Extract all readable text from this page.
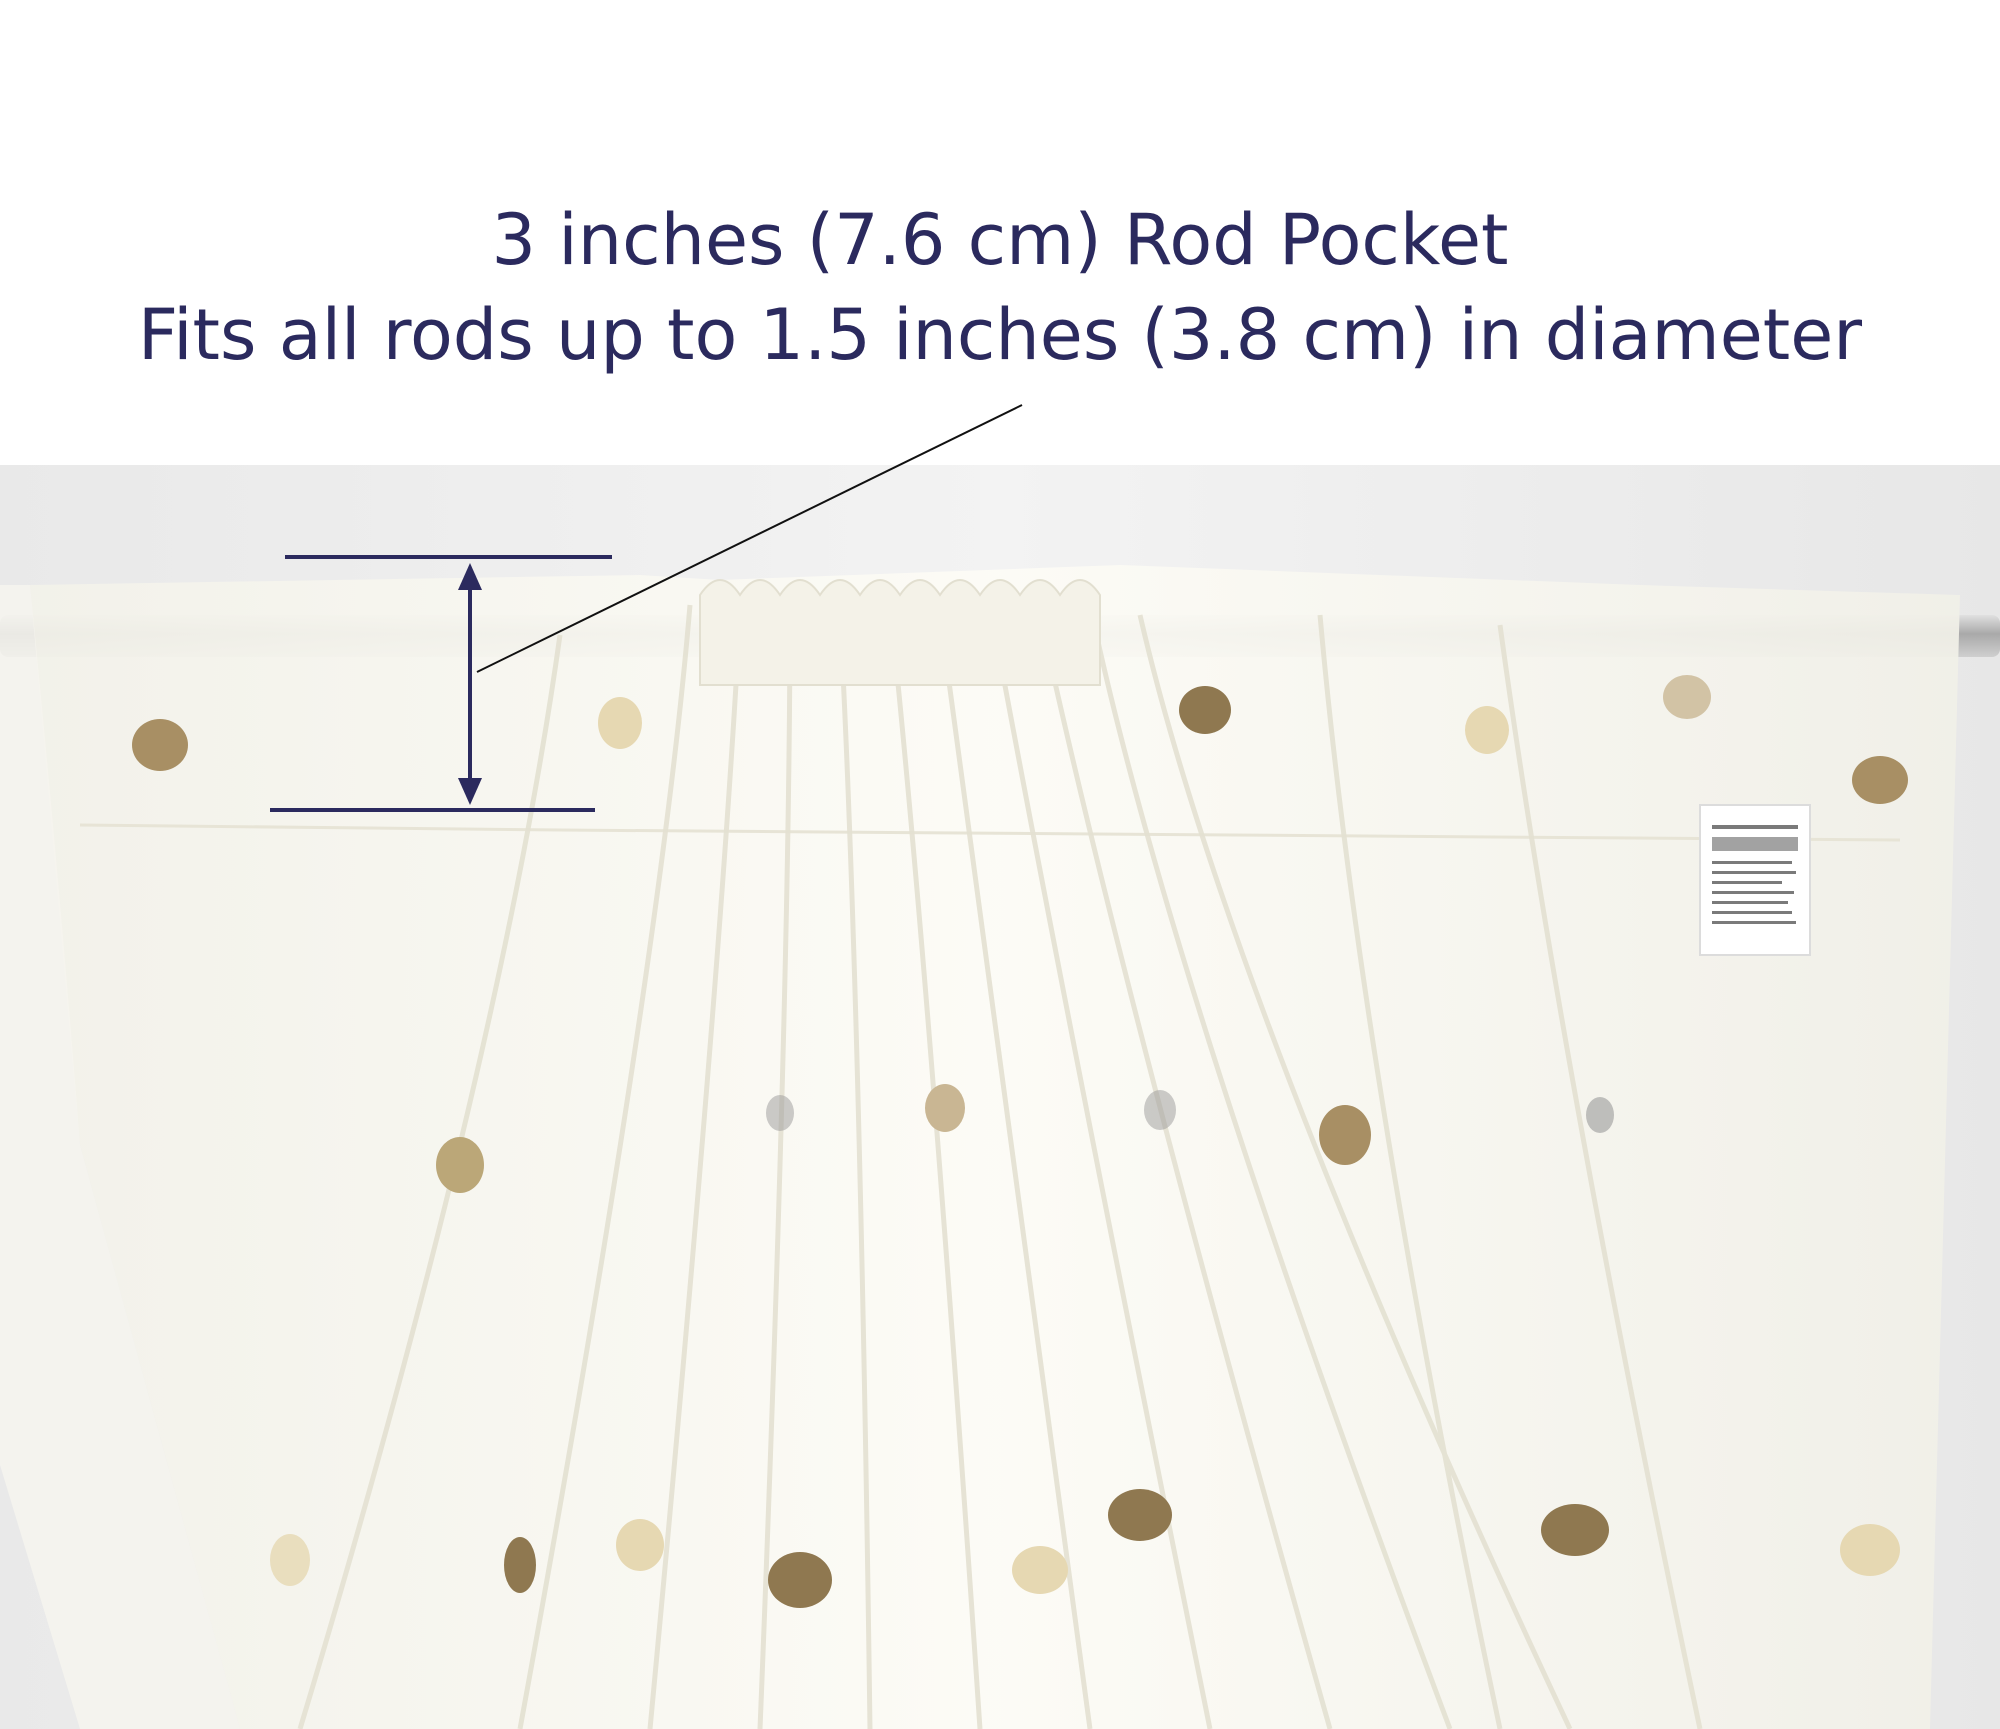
3 inches (7.6 cm) Rod Pocket
Fits all rods up to 1.5 inches (3.8 cm) in diameter
